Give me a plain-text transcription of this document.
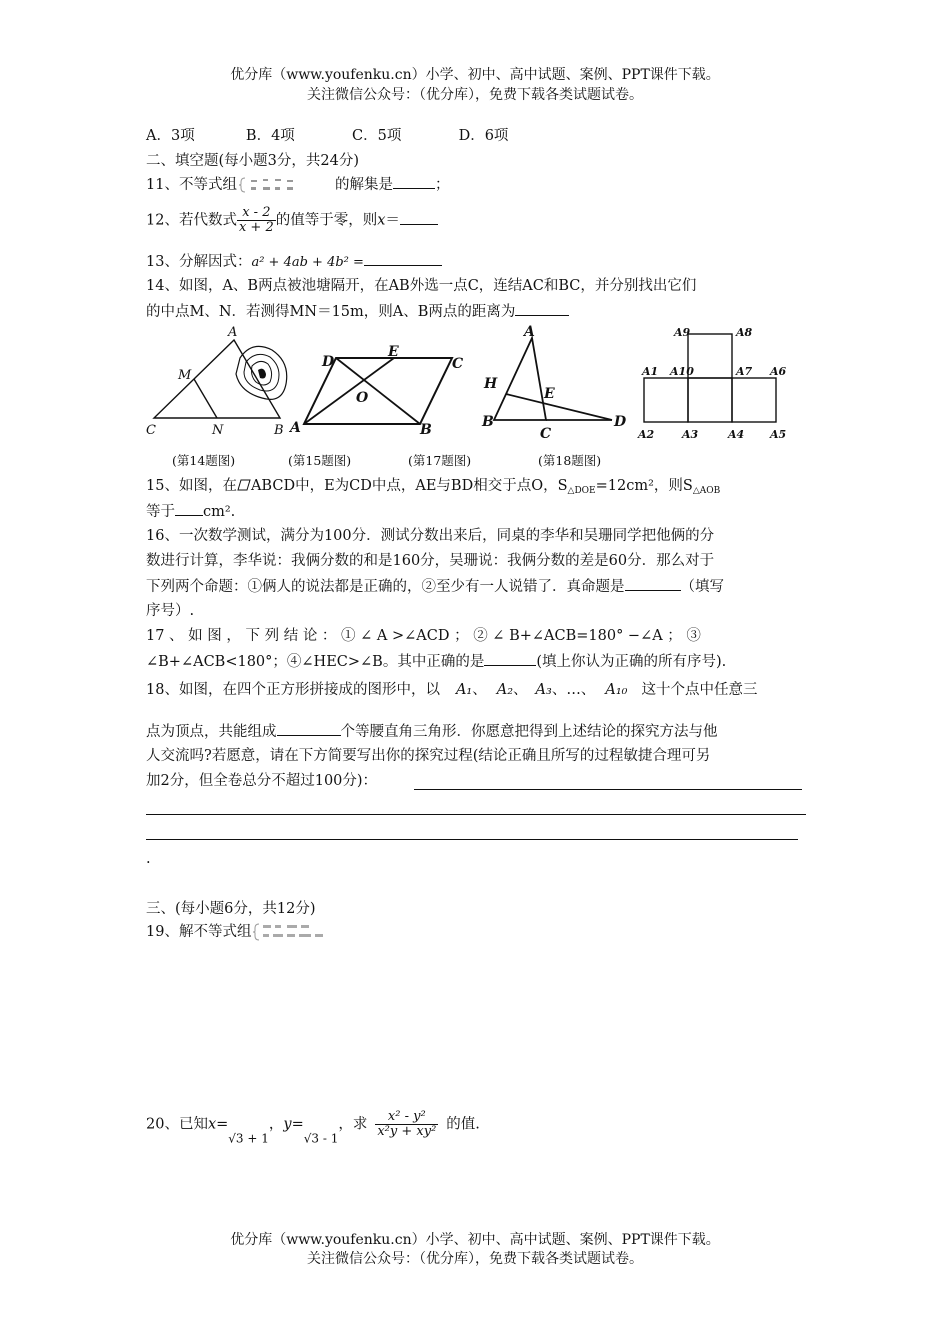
优分库（www.youfenku.cn）小学、初中、高中试题、案例、PPT课件下载。
关注微信公众号：（优分库），免费下载各类试题试卷。
A．3项	B．4项	C．5项	D．6项
二、填空题(每小题3分，共24分)
11、不等式组	的解集是	；
12、若代数式 $\frac{x - 2}{x + 2}$ 的值等于零，则x＝
13、分解因式：a² + 4ab + 4b² =
14、如图，A、B两点被池塘隔开，在AB外选一点C，连结AC和BC，并分别找出它们
的中点M、N．若测得MN＝15m，则A、B两点的距离为
A
M
C	N	B
D
E
C
O
A	B
A
H
E
B
C
D
A9	A8
A1 A10	A7 A6
A2	A3	A4 A5
(第14题图)	(第15题图)	(第17题图)	(第18题图)
15、如图，在 ABCD中，E为CD中点，AE与BD相交于点O，$S_{\triangle DOE}=12cm^2$，则$S_{\triangle AOB}$
等于 cm².
16、一次数学测试，满分为100分．测试分数出来后，同桌的李华和吴珊同学把他俩的分
数进行计算，李华说：我俩分数的和是160分，吴珊说：我俩分数的差是60分．那么对于
下列两个命题：①俩人的说法都是正确的，②至少有一人说错了．真命题是	（填写
序号）.
17 、 如 图 ， 下 列 结 论 ： ① ∠ A >∠ACD ； ② ∠ B+∠ACB=180° −∠A ； ③
∠B+∠ACB<180°；④∠HEC>∠B。其中正确的是	(填上你认为正确的所有序号).
18、如图，在四个正方形拼接成的图形中，以 A₁、 A₂、 A₃、…、 A₁₀ 这十个点中任意三
点为顶点，共能组成	个等腰直角三角形．你愿意把得到上述结论的探究方法与他
人交流吗?若愿意，请在下方简要写出你的探究过程(结论正确且所写的过程敏捷合理可另
加2分，但全卷总分不超过100分)：
.
三、(每小题6分，共12分)
19、解不等式组
20、已知$x=_{√3 + 1}$，$y=_{√3 - 1}$，求 $\frac{\text{x² - y²}}{\text{x²y + xy²}}$ 的值.
优分库（www.youfenku.cn）小学、初中、高中试题、案例、PPT课件下载。
关注微信公众号：（优分库），免费下载各类试题试卷。
